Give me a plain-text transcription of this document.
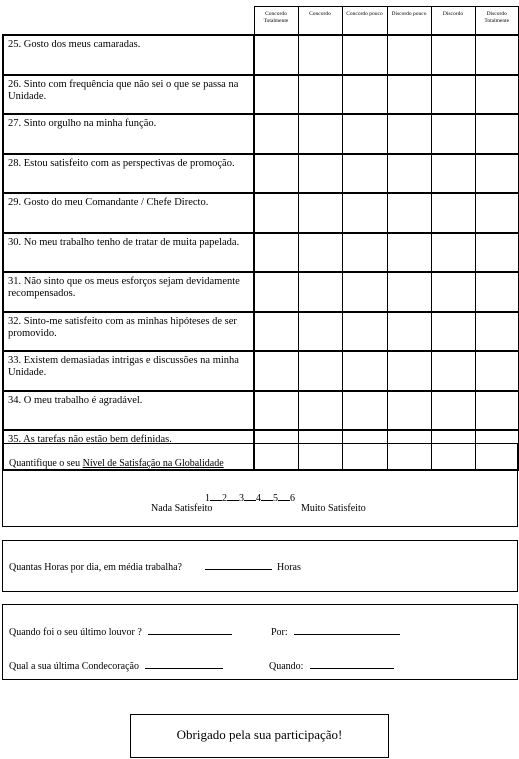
	Concordo Totalmente	Concordo	Concordo pouco	Discordo pouco	Discordo	Discordo Totalmente
25. Gosto dos meus camaradas.						
26. Sinto com frequência que não sei o que se passa na Unidade.						
27. Sinto orgulho na minha função.						
28. Estou satisfeito com as perspectivas de promoção.						
29. Gosto do meu Comandante / Chefe Directo.						
30. No meu trabalho tenho de tratar de muita papelada.						
31. Não sinto que os meus esforços sejam devidamente recompensados.						
32. Sinto-me satisfeito com as minhas hipóteses de ser promovido.						
33. Existem demasiadas intrigas e discussões na minha Unidade.						
34. O meu trabalho é agradável.						
35. As tarefas não estão bem definidas.						
Quantifique o seu Nível de Satisfação na Globalidade
1 2 3 4 5 6
Nada Satisfeito	Muito Satisfeito
Quantas Horas por dia, em média trabalha?	Horas
Quando foi o seu último louvor ?	Por:
Qual a sua última Condecoração	Quando:
Obrigado pela sua participação!
